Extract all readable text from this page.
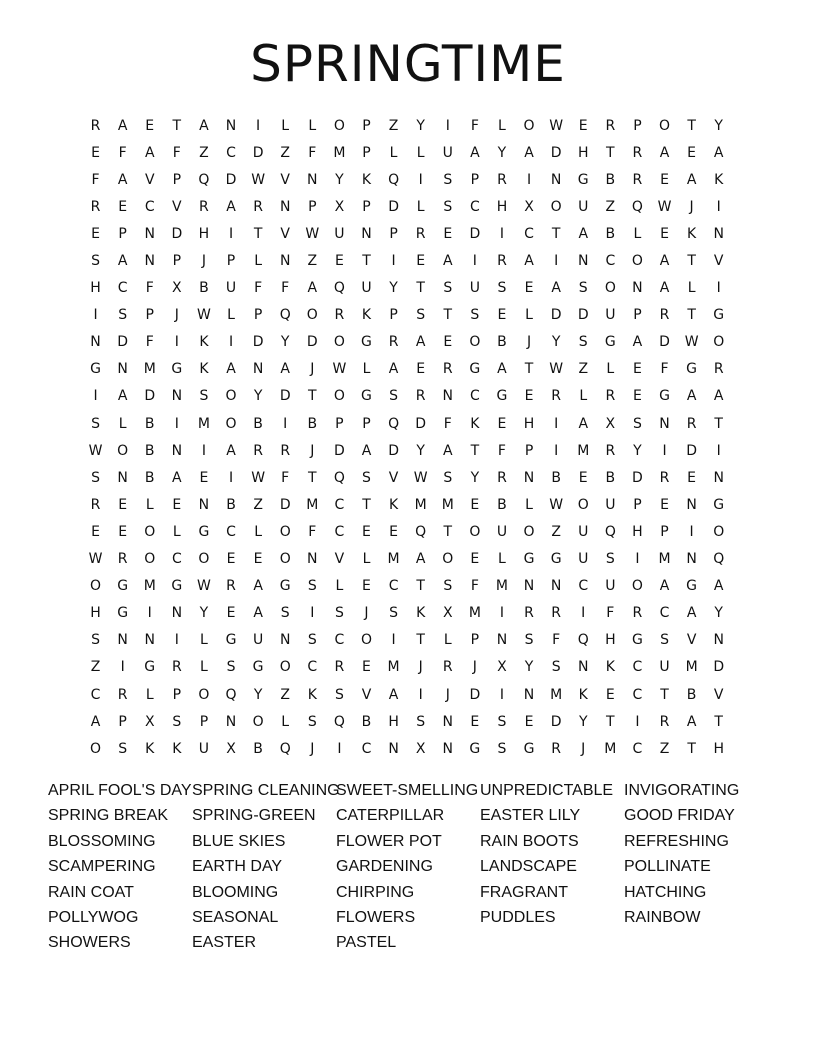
SPRINGTIME
R	A	E	T	A	N	I	L	L	O	P	Z	Y	I	F	L	O	W	E	R	P	O	T	Y
E	F	A	F	Z	C	D	Z	F	M	P	L	L	U	A	Y	A	D	H	T	R	A	E	A
F	A	V	P	Q	D	W	V	N	Y	K	Q	I	S	P	R	I	N	G	B	R	E	A	K
R	E	C	V	R	A	R	N	P	X	P	D	L	S	C	H	X	O	U	Z	Q	W	J	I
E	P	N	D	H	I	T	V	W	U	N	P	R	E	D	I	C	T	A	B	L	E	K	N
S	A	N	P	J	P	L	N	Z	E	T	I	E	A	I	R	A	I	N	C	O	A	T	V
H	C	F	X	B	U	F	F	A	Q	U	Y	T	S	U	S	E	A	S	O	N	A	L	I
I	S	P	J	W	L	P	Q	O	R	K	P	S	T	S	E	L	D	D	U	P	R	T	G
N	D	F	I	K	I	D	Y	D	O	G	R	A	E	O	B	J	Y	S	G	A	D	W	O
G	N	M	G	K	A	N	A	J	W	L	A	E	R	G	A	T	W	Z	L	E	F	G	R
I	A	D	N	S	O	Y	D	T	O	G	S	R	N	C	G	E	R	L	R	E	G	A	A
S	L	B	I	M	O	B	I	B	P	P	Q	D	F	K	E	H	I	A	X	S	N	R	T
W	O	B	N	I	A	R	R	J	D	A	D	Y	A	T	F	P	I	M	R	Y	I	D	I
S	N	B	A	E	I	W	F	T	Q	S	V	W	S	Y	R	N	B	E	B	D	R	E	N
R	E	L	E	N	B	Z	D	M	C	T	K	M	M	E	B	L	W	O	U	P	E	N	G
E	E	O	L	G	C	L	O	F	C	E	E	Q	T	O	U	O	Z	U	Q	H	P	I	O
W	R	O	C	O	E	E	O	N	V	L	M	A	O	E	L	G	G	U	S	I	M	N	Q
O	G	M	G	W	R	A	G	S	L	E	C	T	S	F	M	N	N	C	U	O	A	G	A
H	G	I	N	Y	E	A	S	I	S	J	S	K	X	M	I	R	R	I	F	R	C	A	Y
S	N	N	I	L	G	U	N	S	C	O	I	T	L	P	N	S	F	Q	H	G	S	V	N
Z	I	G	R	L	S	G	O	C	R	E	M	J	R	J	X	Y	S	N	K	C	U	M	D
C	R	L	P	O	Q	Y	Z	K	S	V	A	I	J	D	I	N	M	K	E	C	T	B	V
A	P	X	S	P	N	O	L	S	Q	B	H	S	N	E	S	E	D	Y	T	I	R	A	T
O	S	K	K	U	X	B	Q	J	I	C	N	X	N	G	S	G	R	J	M	C	Z	T	H
APRIL FOOL'S DAY
SPRING BREAK
BLOSSOMING
SCAMPERING
RAIN COAT
POLLYWOG
SHOWERS
SPRING CLEANING
SPRING-GREEN
BLUE SKIES
EARTH DAY
BLOOMING
SEASONAL
EASTER
SWEET-SMELLING
CATERPILLAR
FLOWER POT
GARDENING
CHIRPING
FLOWERS
PASTEL
UNPREDICTABLE
EASTER LILY
RAIN BOOTS
LANDSCAPE
FRAGRANT
PUDDLES
INVIGORATING
GOOD FRIDAY
REFRESHING
POLLINATE
HATCHING
RAINBOW
